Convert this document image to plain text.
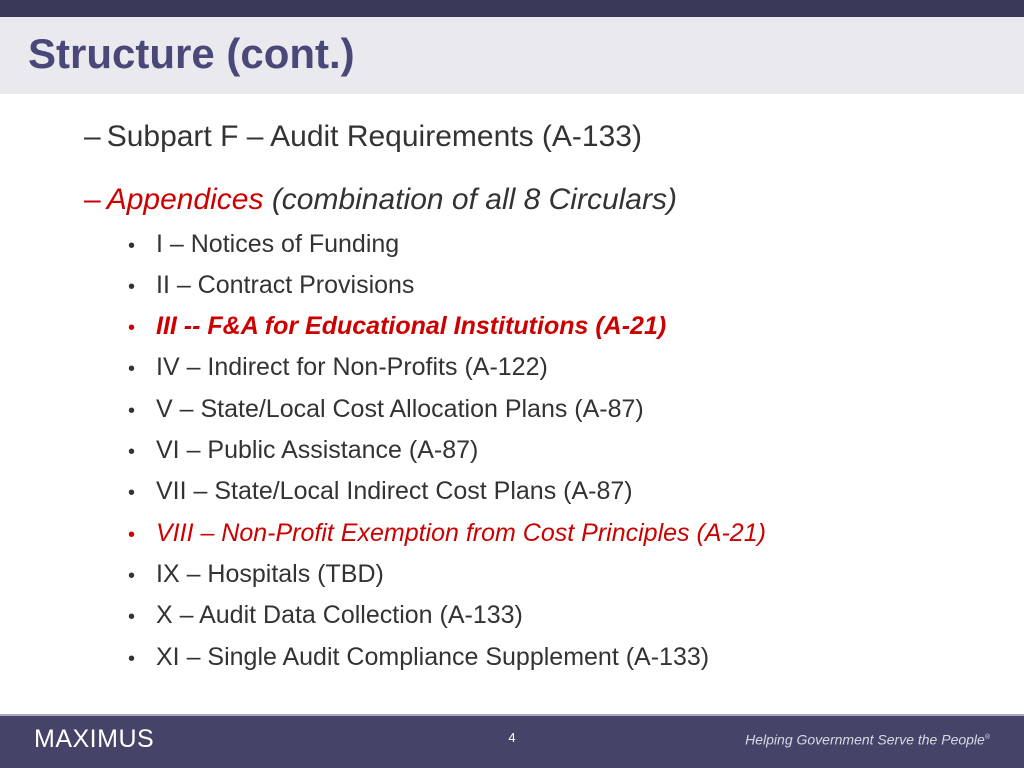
Structure (cont.)
– Subpart F – Audit Requirements (A-133)
– Appendices (combination of all 8 Circulars)
• I – Notices of Funding
• II – Contract Provisions
• III -- F&A for Educational Institutions (A-21)
• IV – Indirect for Non-Profits (A-122)
• V – State/Local Cost Allocation Plans (A-87)
• VI – Public Assistance (A-87)
• VII – State/Local Indirect Cost Plans (A-87)
• VIII – Non-Profit Exemption from Cost Principles (A-21)
• IX – Hospitals (TBD)
• X – Audit Data Collection (A-133)
• XI – Single Audit Compliance Supplement (A-133)
MAXIMUS	4	Helping Government Serve the People®
